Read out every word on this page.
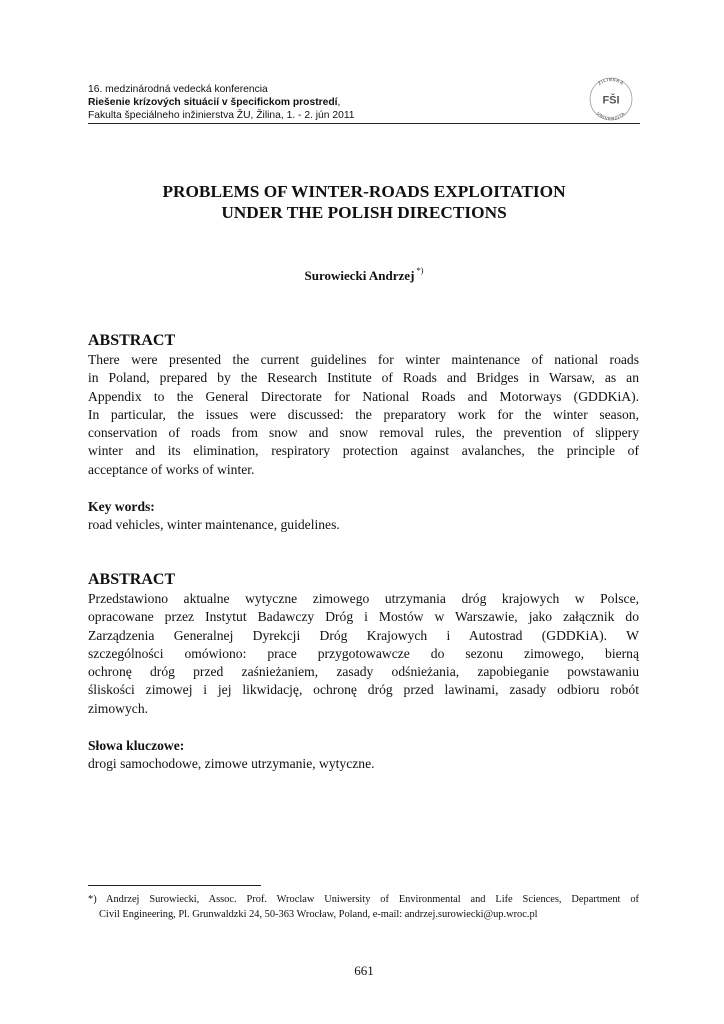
16. medzinárodná vedecká konferencia
Riešenie krízových situácií v špecifickom prostredí,
Fakulta špeciálneho inžinierstva ŽU, Žilina, 1. - 2. jún 2011
ŽILINSKÁ
UNIVERZITA
FŠI
PROBLEMS OF WINTER-ROADS EXPLOITATION
UNDER THE POLISH DIRECTIONS
Surowiecki Andrzej *)
ABSTRACT
There were presented the current guidelines for winter maintenance of national roads
in Poland, prepared by the Research Institute of Roads and Bridges in Warsaw, as an
Appendix to the General Directorate for National Roads and Motorways (GDDKiA).
In particular, the issues were discussed: the preparatory work for the winter season,
conservation of roads from snow and snow removal rules, the prevention of slippery
winter and its elimination, respiratory protection against avalanches, the principle of
acceptance of works of winter.
Key words:
road vehicles, winter maintenance, guidelines.
ABSTRACT
Przedstawiono aktualne wytyczne zimowego utrzymania dróg krajowych w Polsce,
opracowane przez Instytut Badawczy Dróg i Mostów w Warszawie, jako załącznik do
Zarządzenia Generalnej Dyrekcji Dróg Krajowych i Autostrad (GDDKiA). W
szczególności omówiono: prace przygotowawcze do sezonu zimowego, bierną
ochronę dróg przed zaśnieżaniem, zasady odśnieżania, zapobieganie powstawaniu
śliskości zimowej i jej likwidację, ochronę dróg przed lawinami, zasady odbioru robót
zimowych.
Słowa kluczowe:
drogi samochodowe, zimowe utrzymanie, wytyczne.
*) Andrzej Surowiecki, Assoc. Prof. Wroclaw Uniwersity of Environmental and Life Sciences, Department of
Civil Engineering, Pl. Grunwaldzki 24, 50-363 Wrocław, Poland, e-mail: andrzej.surowiecki@up.wroc.pl
661
